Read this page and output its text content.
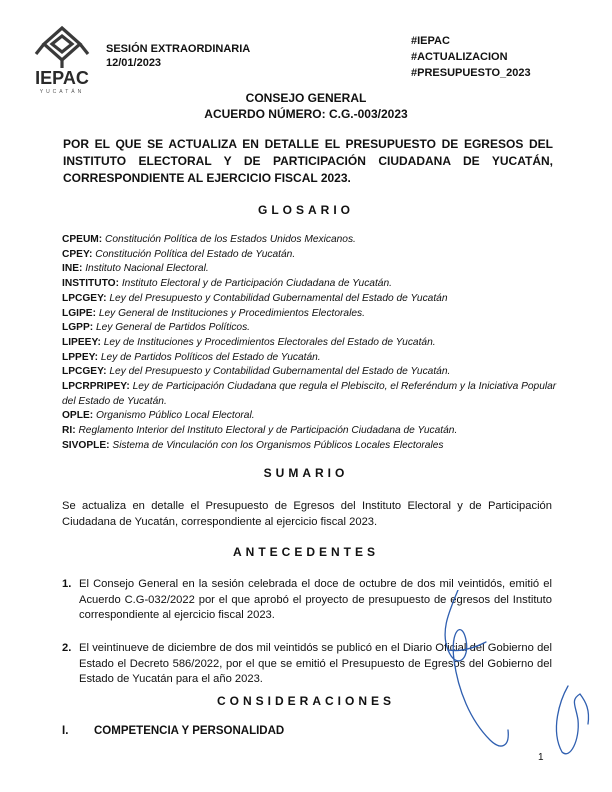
IEPAC
YUCATÁN
SESIÓN EXTRAORDINARIA
12/01/2023
#IEPAC
#ACTUALIZACION
#PRESUPUESTO_2023
CONSEJO GENERAL
ACUERDO NÚMERO: C.G.-003/2023
POR EL QUE SE ACTUALIZA EN DETALLE EL PRESUPUESTO DE EGRESOS DEL INSTITUTO ELECTORAL Y DE PARTICIPACIÓN CIUDADANA DE YUCATÁN, CORRESPONDIENTE AL EJERCICIO FISCAL 2023.
GLOSARIO
CPEUM: Constitución Política de los Estados Unidos Mexicanos.
CPEY: Constitución Política del Estado de Yucatán.
INE: Instituto Nacional Electoral.
INSTITUTO: Instituto Electoral y de Participación Ciudadana de Yucatán.
LPCGEY: Ley del Presupuesto y Contabilidad Gubernamental del Estado de Yucatán
LGIPE: Ley General de Instituciones y Procedimientos Electorales.
LGPP: Ley General de Partidos Políticos.
LIPEEY: Ley de Instituciones y Procedimientos Electorales del Estado de Yucatán.
LPPEY: Ley de Partidos Políticos del Estado de Yucatán.
LPCGEY: Ley del Presupuesto y Contabilidad Gubernamental del Estado de Yucatán.
LPCRPRIPEY: Ley de Participación Ciudadana que regula el Plebiscito, el Referéndum y la Iniciativa Popular del Estado de Yucatán.
OPLE: Organismo Público Local Electoral.
RI: Reglamento Interior del Instituto Electoral y de Participación Ciudadana de Yucatán.
SIVOPLE: Sistema de Vinculación con los Organismos Públicos Locales Electorales
SUMARIO
Se actualiza en detalle el Presupuesto de Egresos del Instituto Electoral y de Participación Ciudadana de Yucatán, correspondiente al ejercicio fiscal 2023.
ANTECEDENTES
1. El Consejo General en la sesión celebrada el doce de octubre de dos mil veintidós, emitió el Acuerdo C.G-032/2022 por el que aprobó el proyecto de presupuesto de egresos del Instituto correspondiente al ejercicio fiscal 2023.
2. El veintinueve de diciembre de dos mil veintidós se publicó en el Diario Oficial del Gobierno del Estado el Decreto 586/2022, por el que se emitió el Presupuesto de Egresos del Gobierno del Estado de Yucatán para el año 2023.
CONSIDERACIONES
I. COMPETENCIA Y PERSONALIDAD
1
